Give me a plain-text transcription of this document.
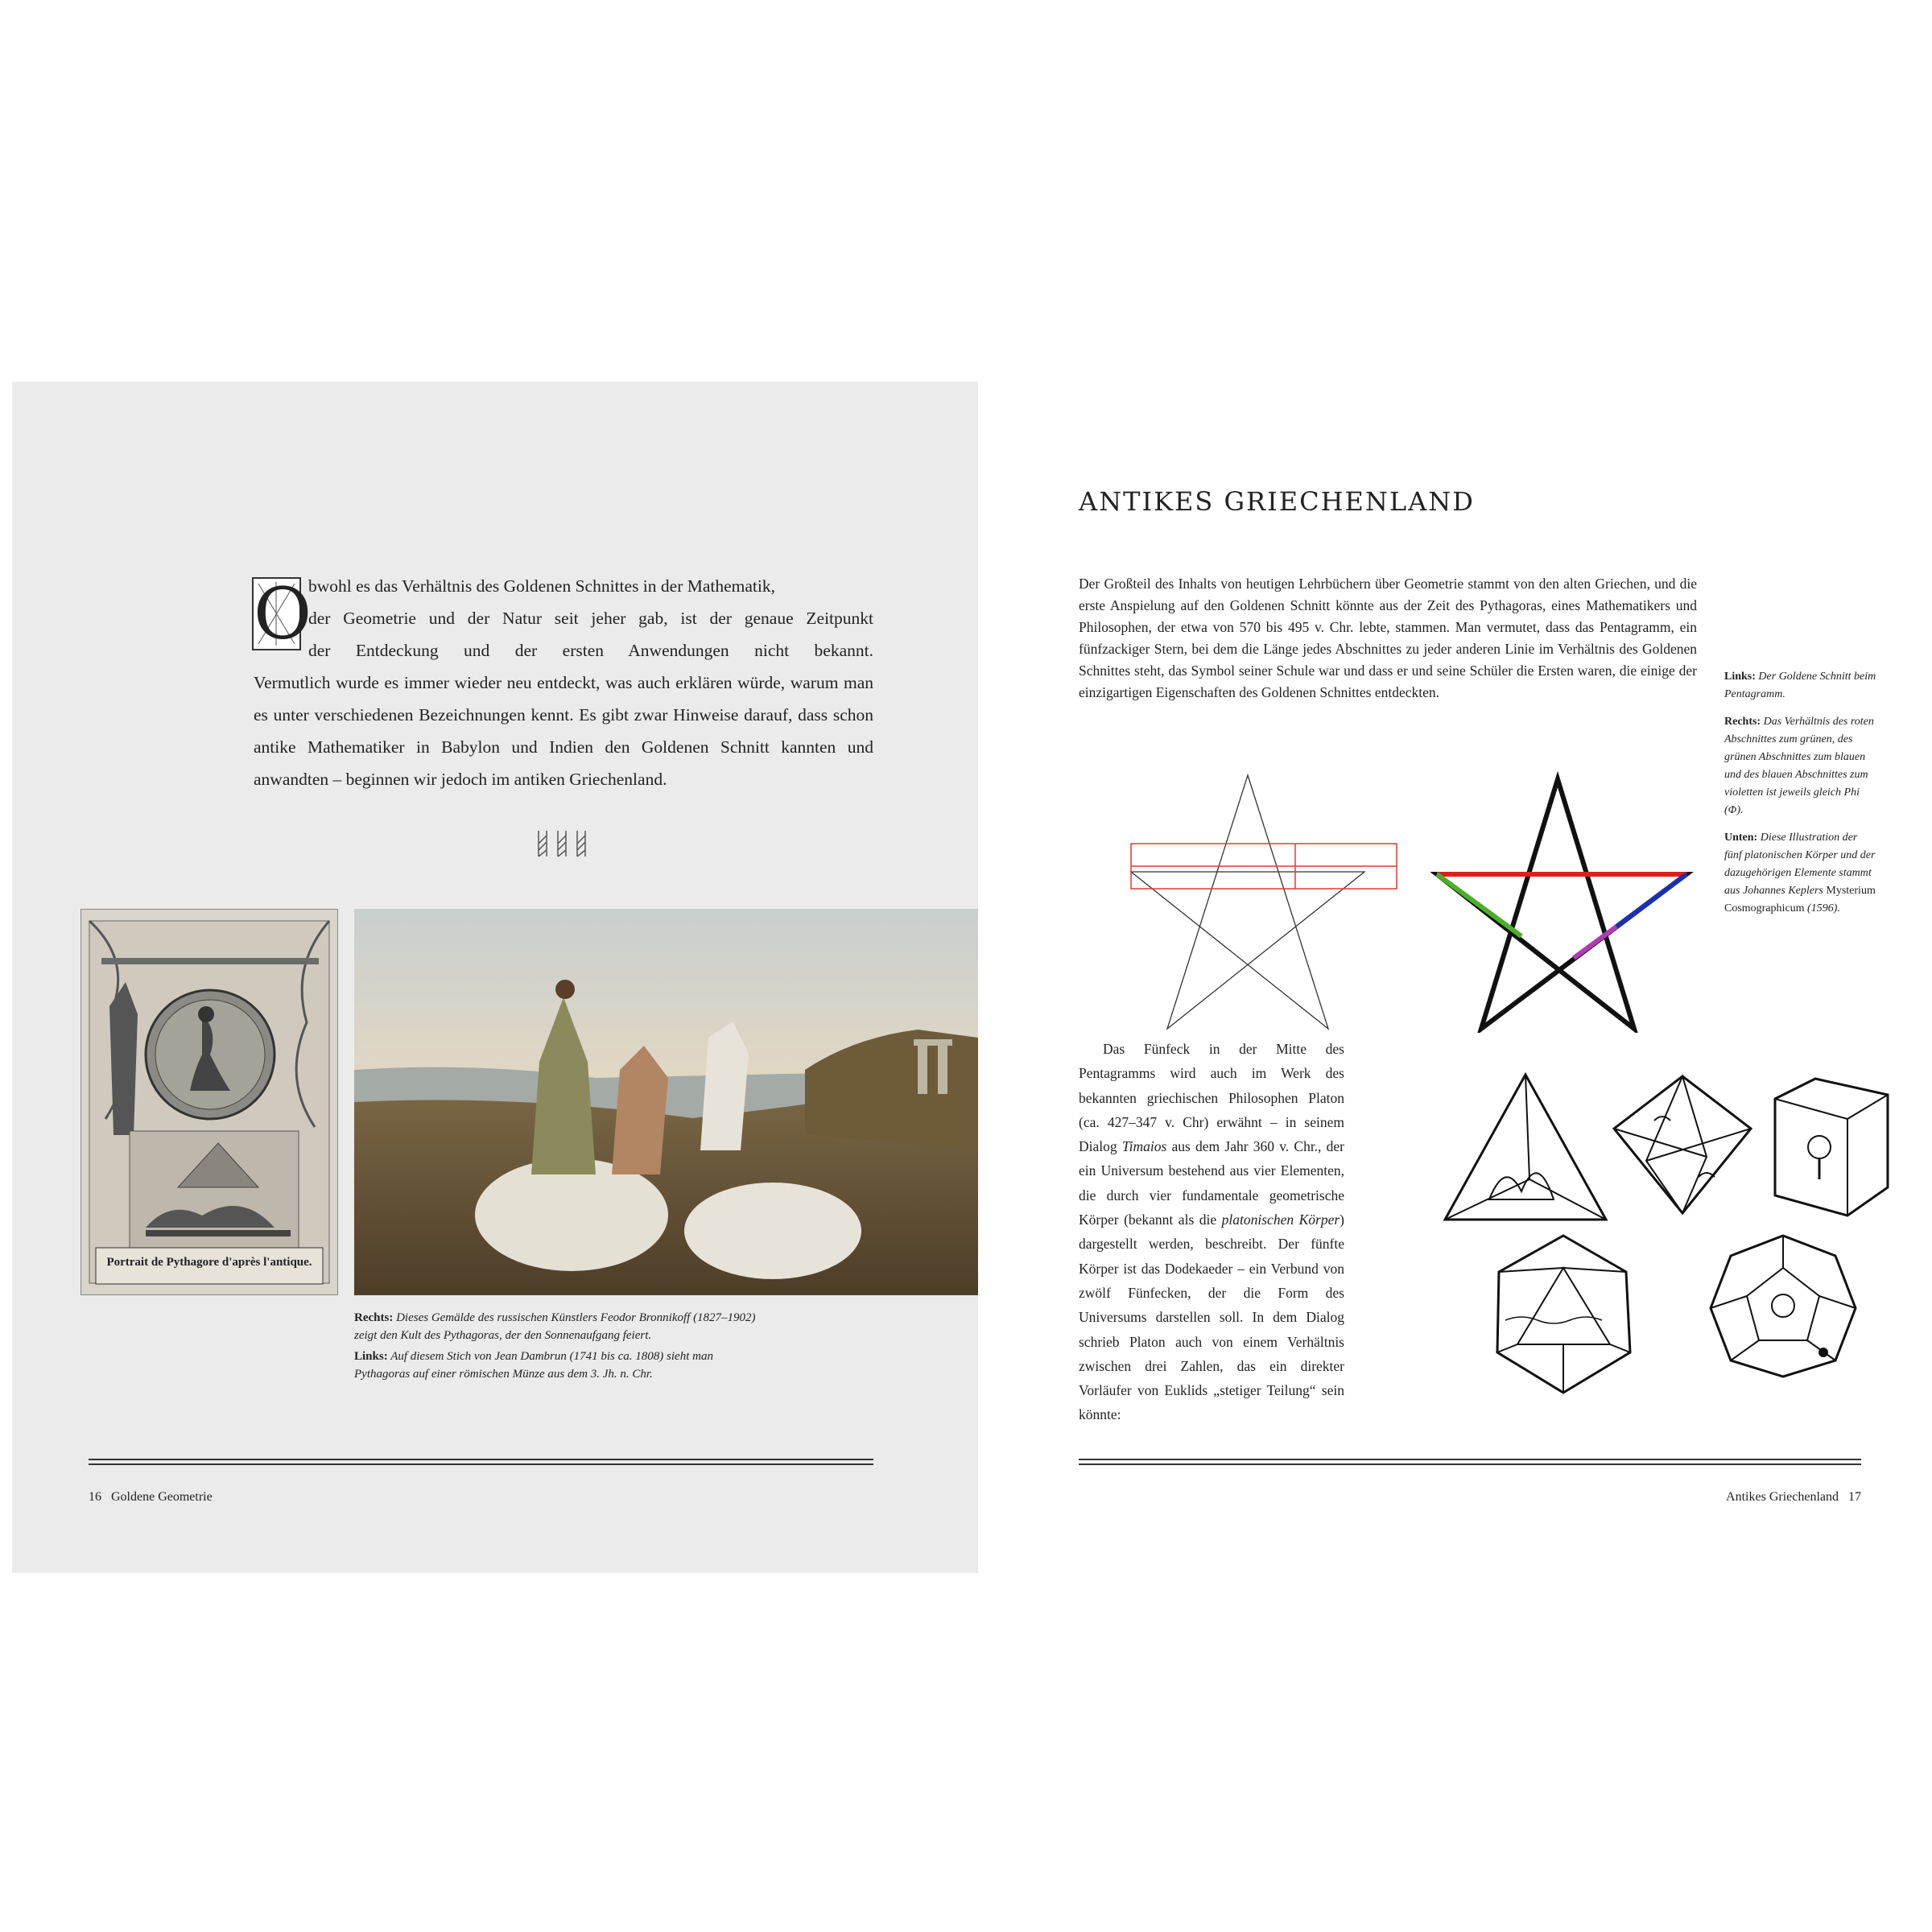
O

bwohl es das Verhältnis des Goldenen Schnittes in der Mathematik,

der Geometrie und der Natur seit jeher gab, ist der genaue Zeitpunkt

der Entdeckung und der ersten Anwendungen nicht bekannt.

Vermutlich wurde es immer wieder neu entdeckt, was auch erklären würde, warum man es unter verschiedenen Bezeichnungen kennt. Es gibt zwar Hinweise darauf, dass schon antike Mathematiker in Babylon und Indien den Goldenen Schnitt kannten und anwandten – beginnen wir jedoch im antiken Griechenland.

Portrait de Pythagore d'après l'antique.

Rechts: Dieses Gemälde des russischen Künstlers Feodor Bronnikoff (1827–1902) zeigt den Kult des Pythagoras, der den Sonnenaufgang feiert.

Links: Auf diesem Stich von Jean Dambrun (1741 bis ca. 1808) sieht man Pythagoras auf einer römischen Münze aus dem 3. Jh. n. Chr.

16 Goldene Geometrie
ANTIKES GRIECHENLAND

Der Großteil des Inhalts von heutigen Lehrbüchern über Geometrie stammt von den alten Griechen, und die erste Anspielung auf den Goldenen Schnitt könnte aus der Zeit des Pythagoras, eines Mathematikers und Philosophen, der etwa von 570 bis 495 v. Chr. lebte, stammen. Man vermutet, dass das Pentagramm, ein fünfzackiger Stern, bei dem die Länge jedes Abschnittes zu jeder anderen Linie im Verhältnis des Goldenen Schnittes steht, das Symbol seiner Schule war und dass er und seine Schüler die Ersten waren, die einige der einzigartigen Eigenschaften des Goldenen Schnittes entdeckten.

Links: Der Goldene Schnitt beim Pentagramm.

Rechts: Das Verhältnis des roten Abschnittes zum grünen, des grünen Abschnittes zum blauen und des blauen Abschnittes zum violetten ist jeweils gleich Phi (Φ).

Unten: Diese Illustration der fünf platonischen Körper und der dazugehörigen Elemente stammt aus Johannes Keplers Mysterium Cosmographicum (1596).

Das Fünfeck in der Mitte des Pentagramms wird auch im Werk des bekannten griechischen Philosophen Platon (ca. 427–347 v. Chr) erwähnt – in seinem Dialog Timaios aus dem Jahr 360 v. Chr., der ein Universum bestehend aus vier Elementen, die durch vier fundamentale geometrische Körper (bekannt als die platonischen Körper) dargestellt werden, beschreibt. Der fünfte Körper ist das Dodekaeder – ein Verbund von zwölf Fünfecken, der die Form des Universums darstellen soll. In dem Dialog schrieb Platon auch von einem Verhältnis zwischen drei Zahlen, das ein direkter Vorläufer von Euklids „stetiger Teilung“ sein könnte:

Antikes Griechenland 17
